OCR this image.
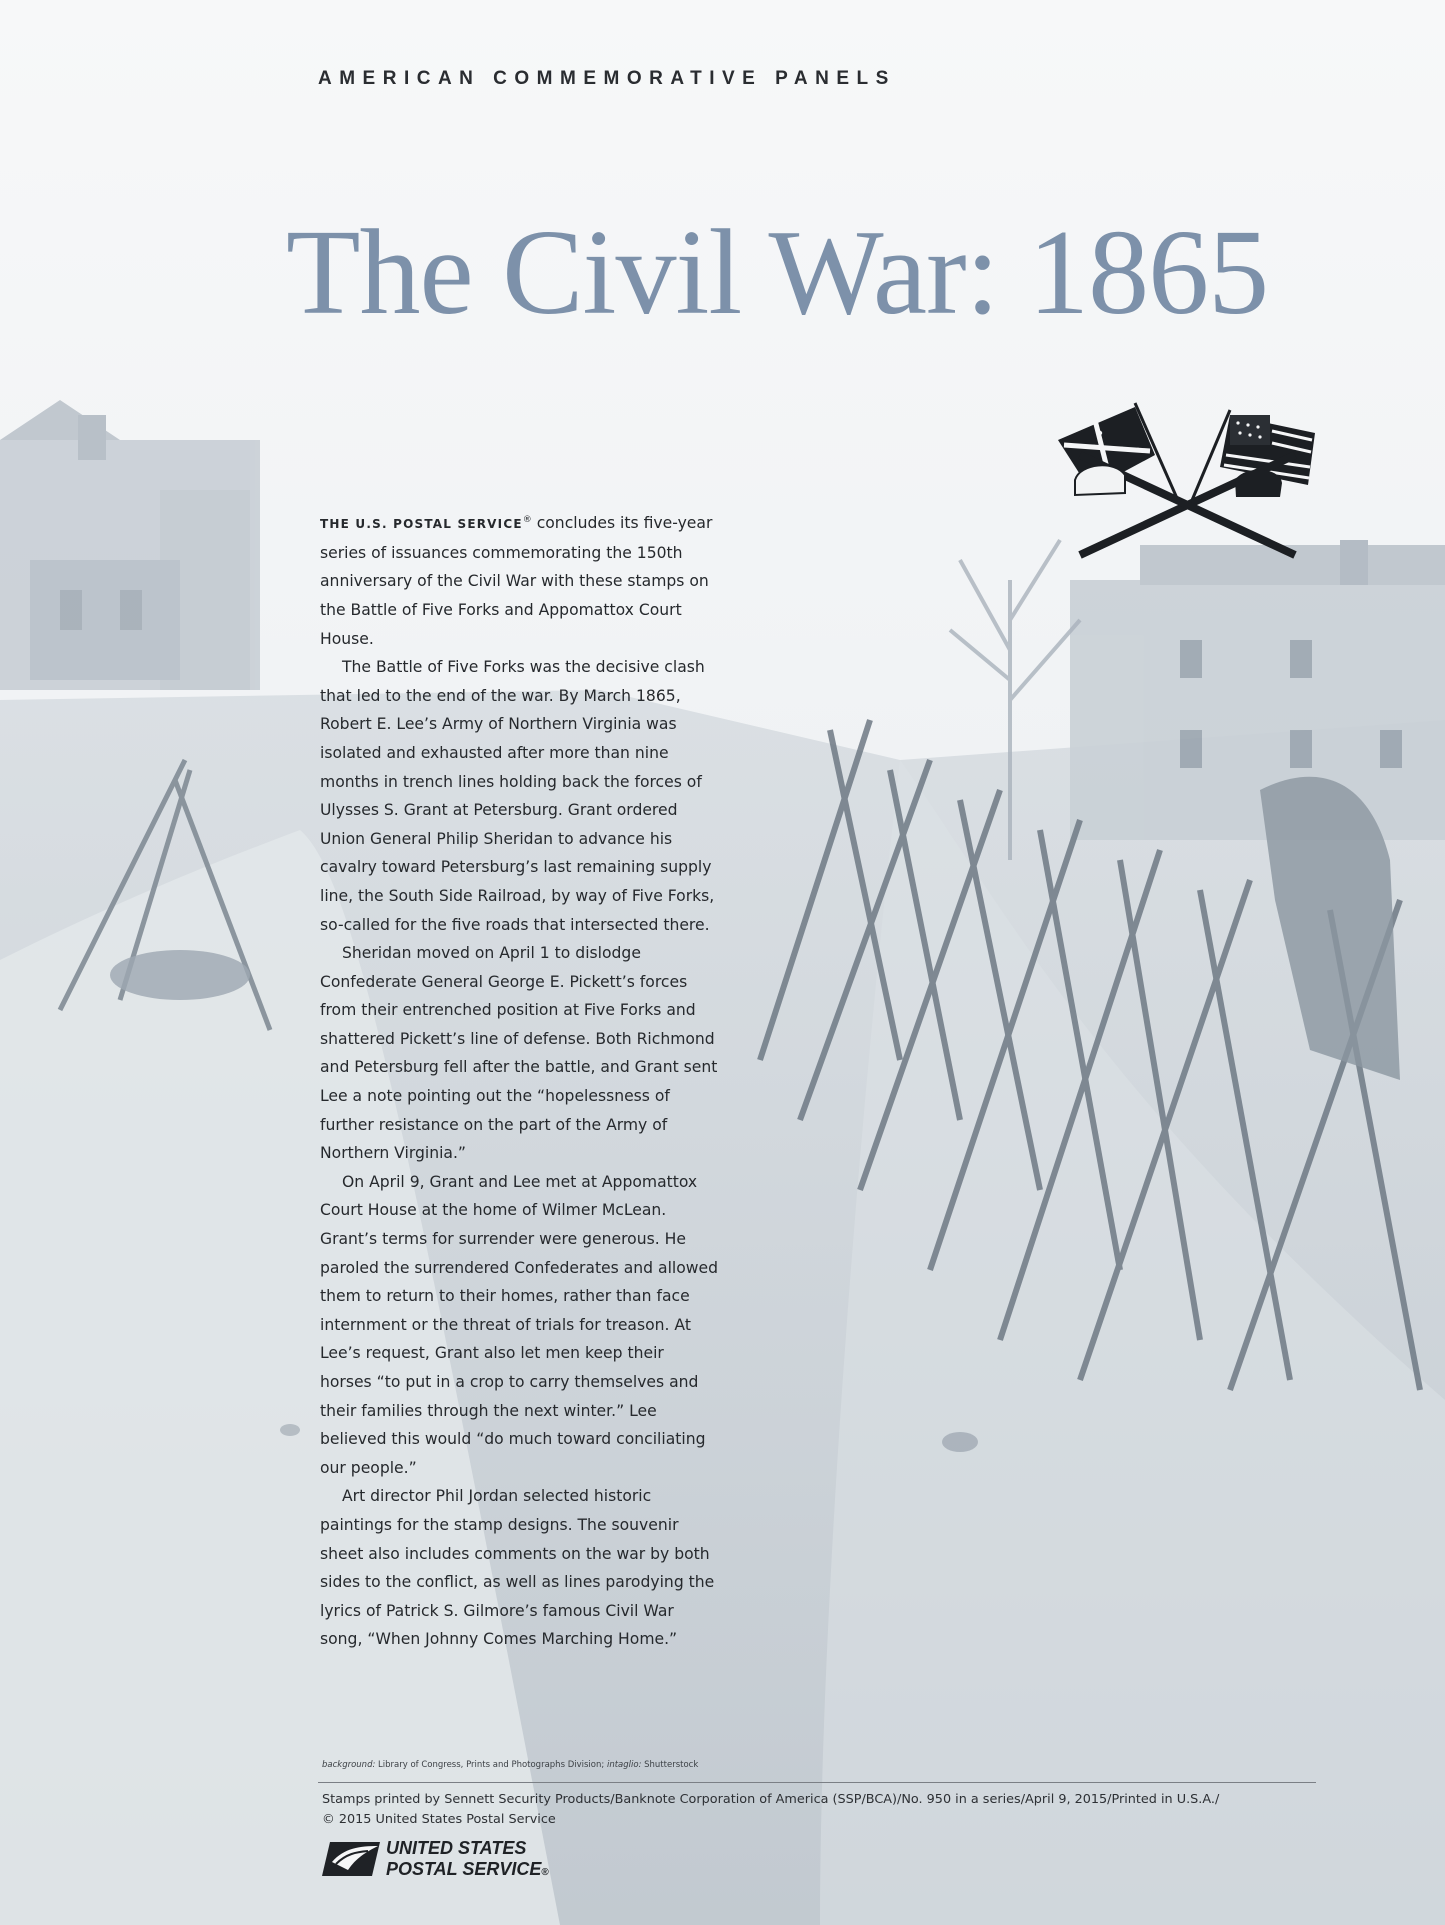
AMERICAN COMMEMORATIVE PANELS
The Civil War: 1865

THE U.S. POSTAL SERVICE® concludes its five-year series of issuances commemorating the 150th anniversary of the Civil War with these stamps on the Battle of Five Forks and Appomattox Court House.

The Battle of Five Forks was the decisive clash that led to the end of the war. By March 1865, Robert E. Lee’s Army of Northern Virginia was isolated and exhausted after more than nine months in trench lines holding back the forces of Ulysses S. Grant at Petersburg. Grant ordered Union General Philip Sheridan to advance his cavalry toward Petersburg’s last remaining supply line, the South Side Railroad, by way of Five Forks, so-called for the five roads that intersected there.

Sheridan moved on April 1 to dislodge Confederate General George E. Pickett’s forces from their entrenched position at Five Forks and shattered Pickett’s line of defense. Both Richmond and Petersburg fell after the battle, and Grant sent Lee a note pointing out the “hopelessness of further resistance on the part of the Army of Northern Virginia.”

On April 9, Grant and Lee met at Appomattox Court House at the home of Wilmer McLean. Grant’s terms for surrender were generous. He paroled the surrendered Confederates and allowed them to return to their homes, rather than face internment or the threat of trials for treason. At Lee’s request, Grant also let men keep their horses “to put in a crop to carry themselves and their families through the next winter.” Lee believed this would “do much toward conciliating our people.”

Art director Phil Jordan selected historic paintings for the stamp designs. The souvenir sheet also includes comments on the war by both sides to the conflict, as well as lines parodying the lyrics of Patrick S. Gilmore’s famous Civil War song, “When Johnny Comes Marching Home.”

background: Library of Congress, Prints and Photographs Division; intaglio: Shutterstock
Stamps printed by Sennett Security Products/Banknote Corporation of America (SSP/BCA)/No. 950 in a series/April 9, 2015/Printed in U.S.A./
© 2015 United States Postal Service
UNITED STATES
POSTAL SERVICE®
